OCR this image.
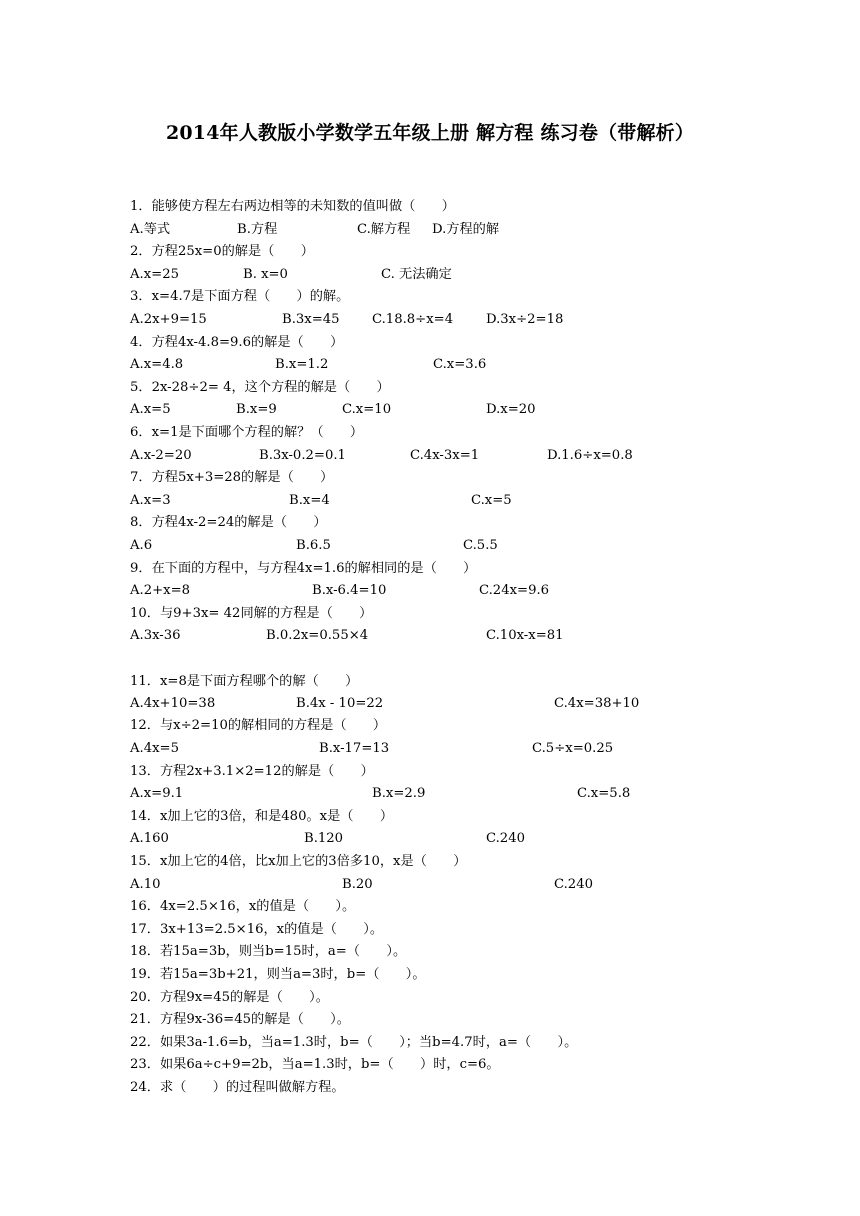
2014年人教版小学数学五年级上册 解方程 练习卷（带解析）
1．能够使方程左右两边相等的未知数的值叫做（　　）
A.等式	B.方程	C.解方程 D.方程的解
2．方程25x=0的解是（　　）
A.x=25	B. x=0	C. 无法确定
3．x=4.7是下面方程（　　）的解。
A.2x+9=15	B.3x=45 C.18.8÷x=4 D.3x÷2=18
4．方程4x-4.8=9.6的解是（　　）
A.x=4.8	B.x=1.2	C.x=3.6
5．2x-28÷2= 4，这个方程的解是（　　）
A.x=5	B.x=9	C.x=10	D.x=20
6．x=1是下面哪个方程的解？（　　）
A.x-2=20	B.3x-0.2=0.1	C.4x-3x=1	D.1.6÷x=0.8
7．方程5x+3=28的解是（　　）
A.x=3	B.x=4	C.x=5
8．方程4x-2=24的解是（　　）
A.6	B.6.5	C.5.5
9．在下面的方程中，与方程4x=1.6的解相同的是（　　）
A.2+x=8	B.x-6.4=10	C.24x=9.6
10．与9+3x= 42同解的方程是（　　）
A.3x-36	B.0.2x=0.55×4	C.10x-x=81
11．x=8是下面方程哪个的解（　　）
A.4x+10=38	B.4x - 10=22	C.4x=38+10
12．与x÷2=10的解相同的方程是（　　）
A.4x=5	B.x-17=13	C.5÷x=0.25
13．方程2x+3.1×2=12的解是（　　）
A.x=9.1	B.x=2.9	C.x=5.8
14．x加上它的3倍，和是480。x是（　　）
A.160	B.120	C.240
15．x加上它的4倍，比x加上它的3倍多10，x是（　　）
A.10	B.20	C.240
16．4x=2.5×16，x的值是（　　）。
17．3x+13=2.5×16，x的值是（　　）。
18．若15a=3b，则当b=15时，a=（　　）。
19．若15a=3b+21，则当a=3时，b=（　　）。
20．方程9x=45的解是（　　）。
21．方程9x-36=45的解是（　　）。
22．如果3a-1.6=b，当a=1.3时，b=（　　）；当b=4.7时，a=（　　）。
23．如果6a÷c+9=2b，当a=1.3时，b=（　　）时，c=6。
24．求（　　）的过程叫做解方程。
